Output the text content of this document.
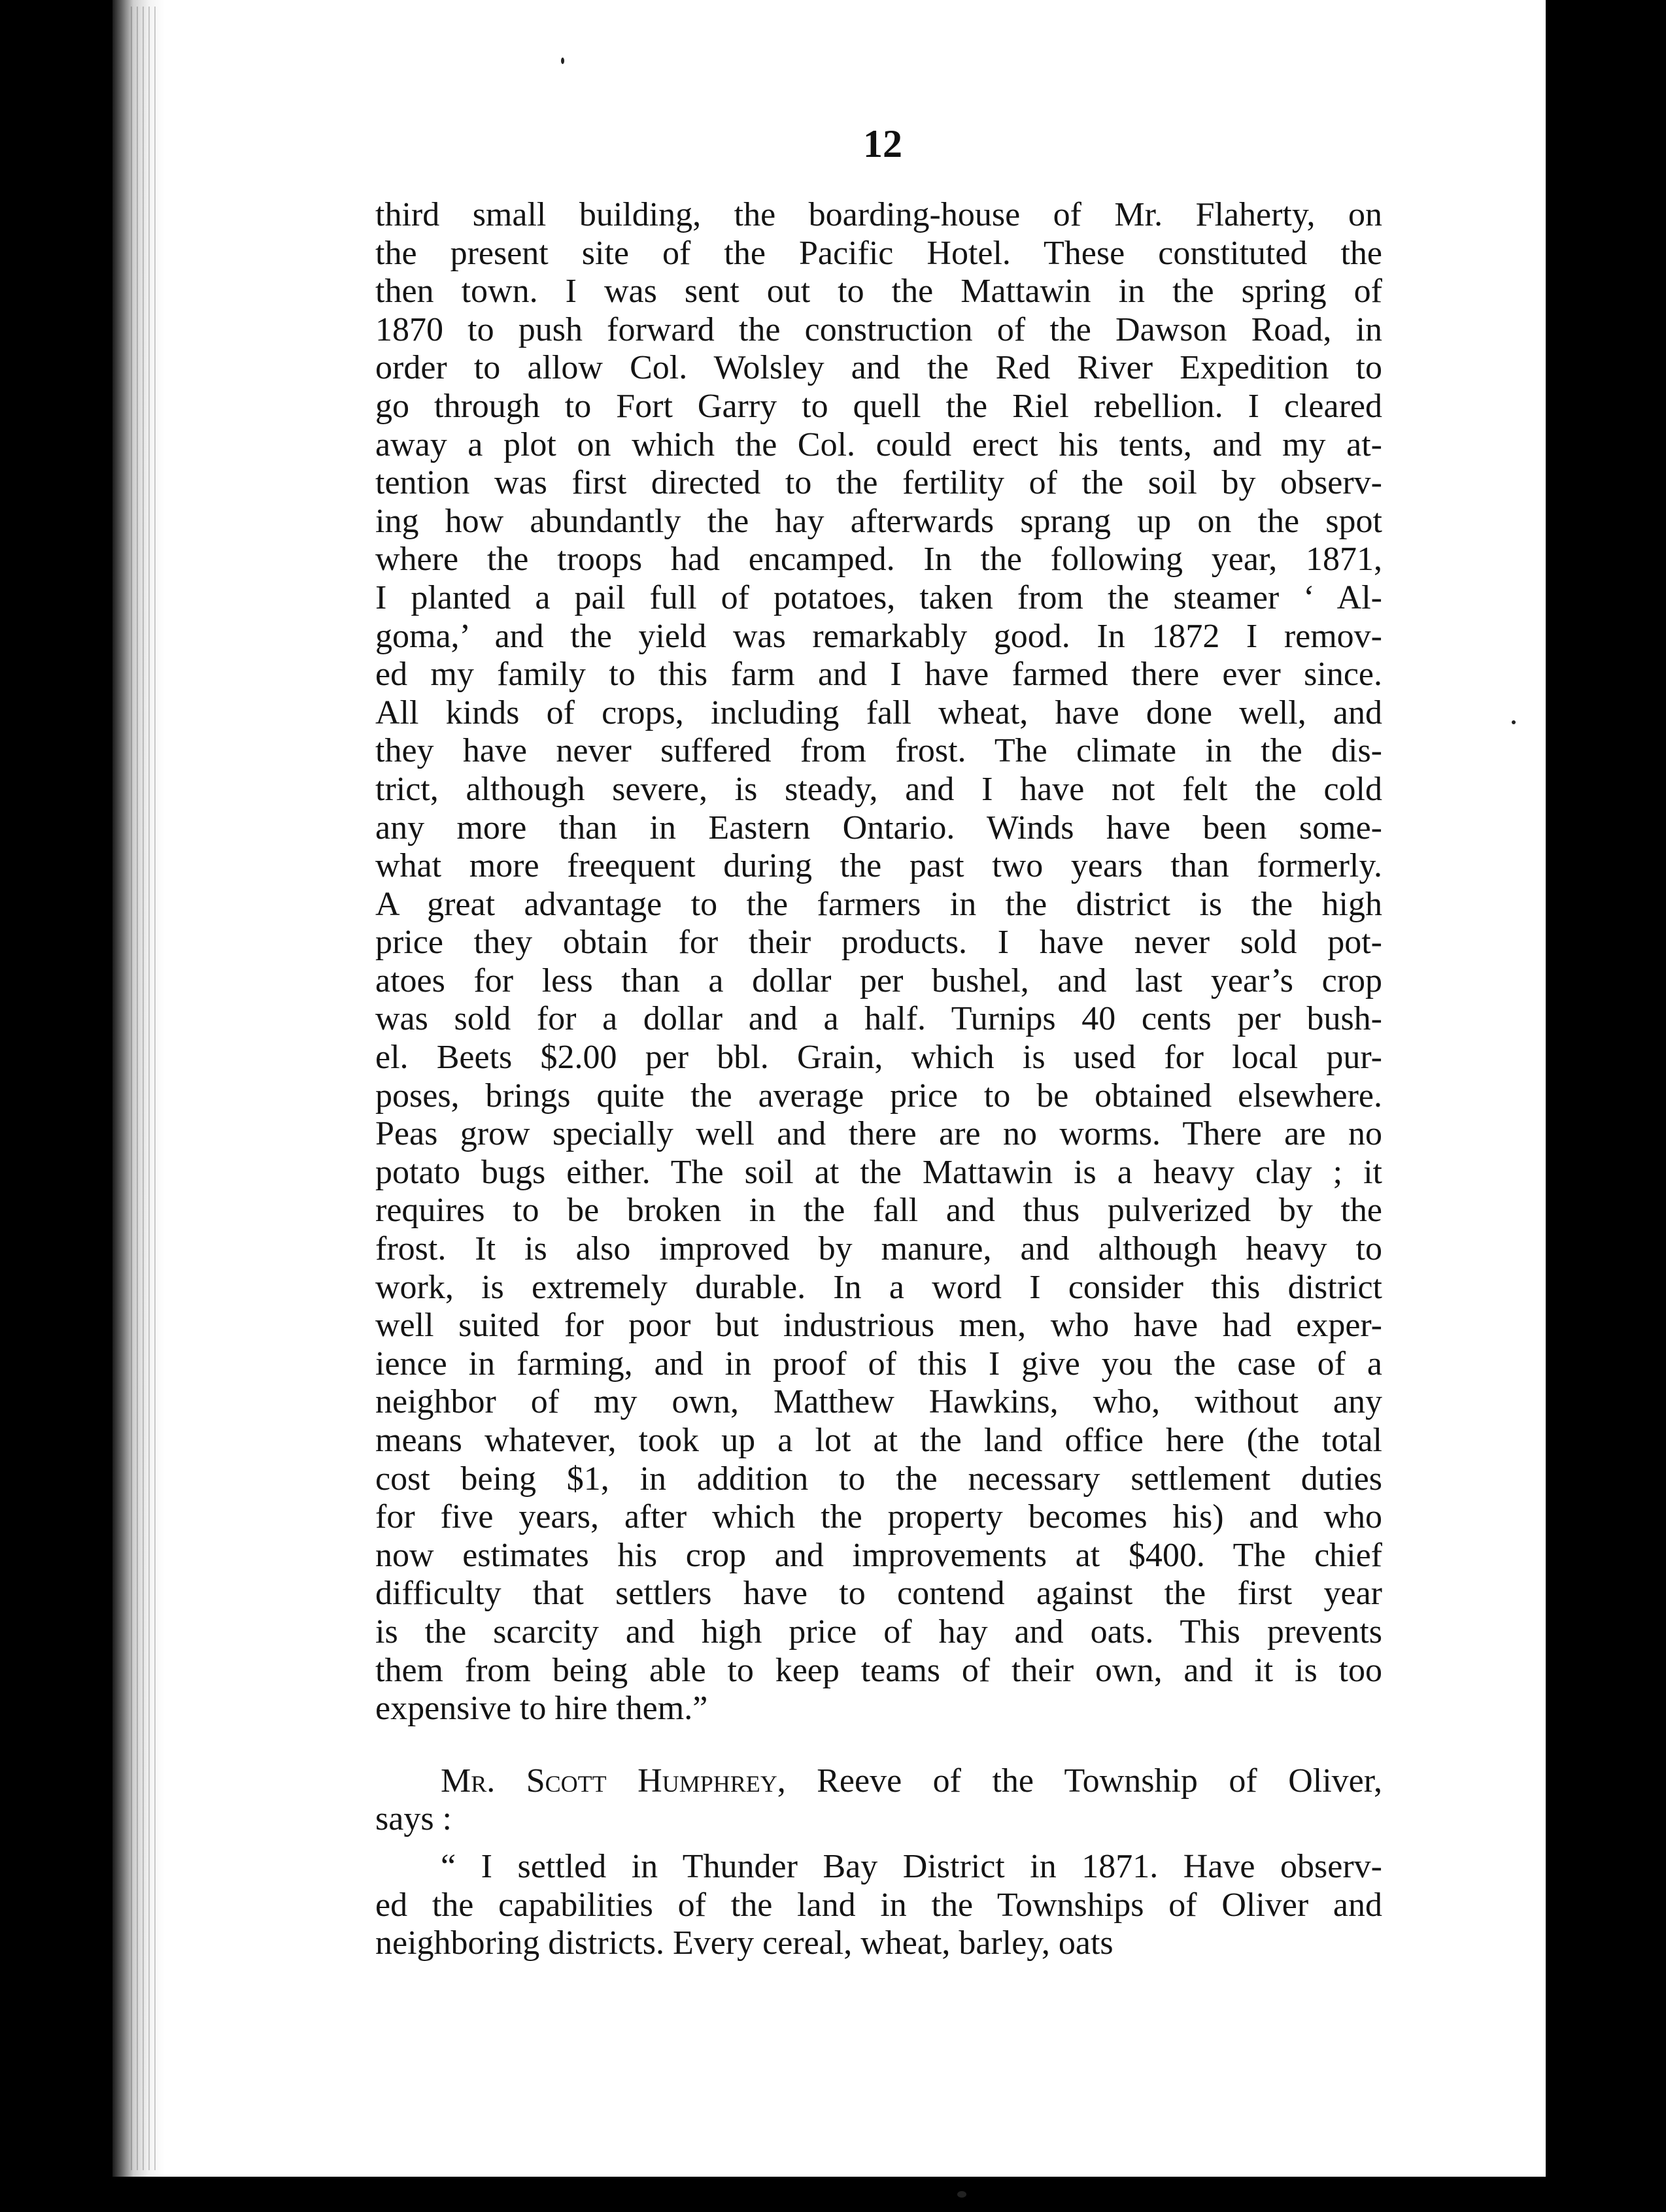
12
third small building, the boarding-house of Mr. Flaherty, on
the present site of the Pacific Hotel. These constituted the
then town. I was sent out to the Mattawin in the spring of
1870 to push forward the construction of the Dawson Road, in
order to allow Col. Wolsley and the Red River Expedition to
go through to Fort Garry to quell the Riel rebellion. I cleared
away a plot on which the Col. could erect his tents, and my at-
tention was first directed to the fertility of the soil by observ-
ing how abundantly the hay afterwards sprang up on the spot
where the troops had encamped. In the following year, 1871,
I planted a pail full of potatoes, taken from the steamer ‘ Al-
goma,’ and the yield was remarkably good. In 1872 I remov-
ed my family to this farm and I have farmed there ever since.
All kinds of crops, including fall wheat, have done well, and
they have never suffered from frost. The climate in the dis-
trict, although severe, is steady, and I have not felt the cold
any more than in Eastern Ontario. Winds have been some-
what more freequent during the past two years than formerly.
A great advantage to the farmers in the district is the high
price they obtain for their products. I have never sold pot-
atoes for less than a dollar per bushel, and last year’s crop
was sold for a dollar and a half. Turnips 40 cents per bush-
el. Beets $2.00 per bbl. Grain, which is used for local pur-
poses, brings quite the average price to be obtained elsewhere.
Peas grow specially well and there are no worms. There are no
potato bugs either. The soil at the Mattawin is a heavy clay ; it
requires to be broken in the fall and thus pulverized by the
frost. It is also improved by manure, and although heavy to
work, is extremely durable. In a word I consider this district
well suited for poor but industrious men, who have had exper-
ience in farming, and in proof of this I give you the case of a
neighbor of my own, Matthew Hawkins, who, without any
means whatever, took up a lot at the land office here (the total
cost being $1, in addition to the necessary settlement duties
for five years, after which the property becomes his) and who
now estimates his crop and improvements at $400. The chief
difficulty that settlers have to contend against the first year
is the scarcity and high price of hay and oats. This prevents
them from being able to keep teams of their own, and it is too
expensive to hire them.”
Mr. Scott Humphrey, Reeve of the Township of Oliver,
says :
“ I settled in Thunder Bay District in 1871. Have observ-
ed the capabilities of the land in the Townships of Oliver and
neighboring districts. Every cereal, wheat, barley, oats
